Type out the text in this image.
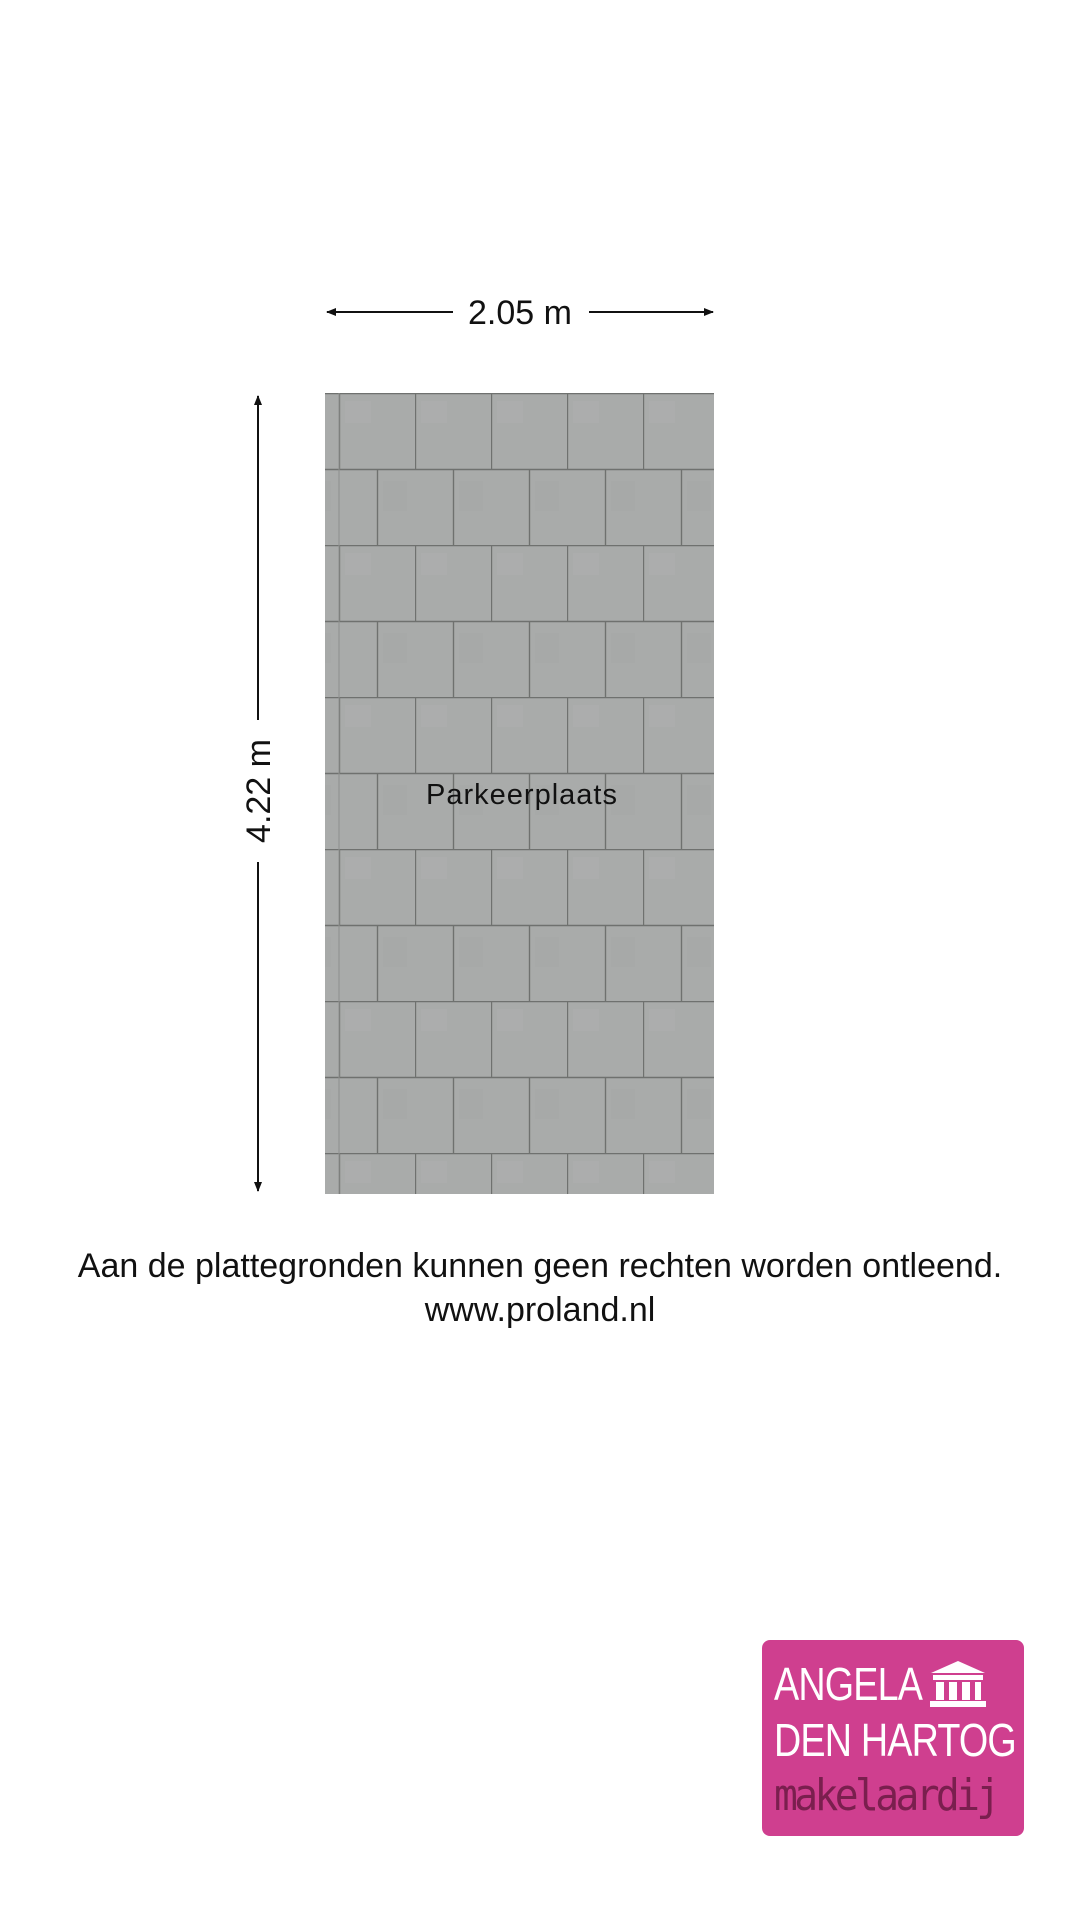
Parkeerplaats
2.05 m
4.22 m
Aan de plattegronden kunnen geen rechten worden ontleend.
www.proland.nl
ANGELA
DEN HARTOG
makelaardij
